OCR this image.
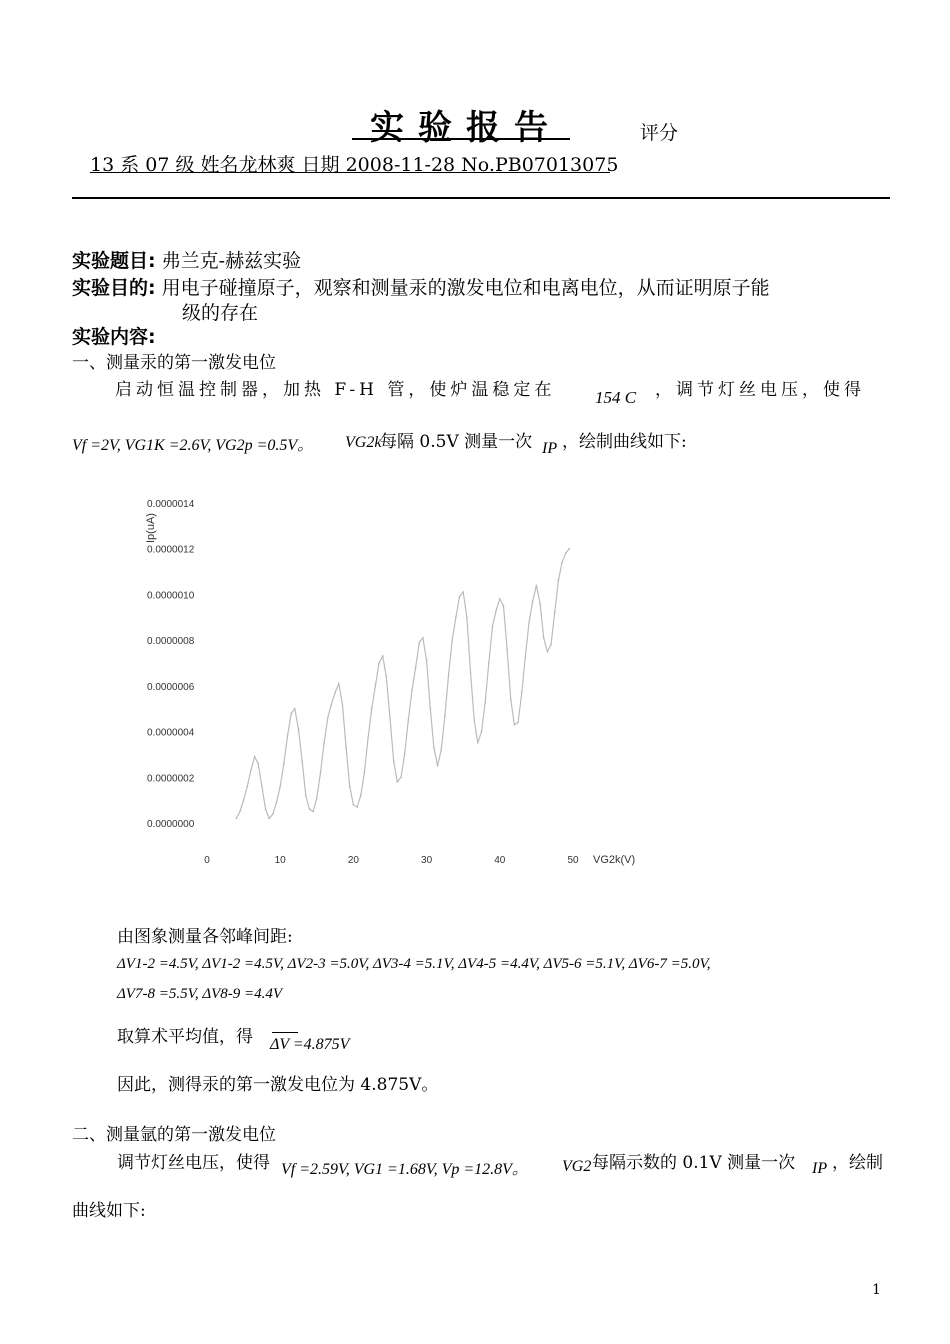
实验报告	评分
13 系 07 级 姓名龙林爽 日期 2008-11-28 No.PB07013075
实验题目: 弗兰克-赫兹实验
实验目的: 用电子碰撞原子，观察和测量汞的激发电位和电离电位，从而证明原子能
级的存在
实验内容:
一、测量汞的第一激发电位
启动恒温控制器，加热 F-H 管，使炉温稳定在 154 C ，调节灯丝电压，使得
Vf =2V, VG1K =2.6V, VG2p =0.5V。 VG2k
每隔 0.5V 测量一次 IP ，绘制曲线如下:
0.0000000
0.0000002
0.0000004
0.0000006
0.0000008
0.0000010
0.0000012
0.0000014
0	10	20	30	40	50 VG2k(V)
Ip(uA)
由图象测量各邻峰间距:
ΔV1-2 =4.5V, ΔV1-2 =4.5V, ΔV2-3 =5.0V, ΔV3-4 =5.1V, ΔV4-5 =4.4V, ΔV5-6 =5.1V, ΔV6-7 =5.0V,
ΔV7-8 =5.5V, ΔV8-9 =4.4V
取算术平均值，得 ΔV =4.875V
因此，测得汞的第一激发电位为 4.875V。
二、测量氩的第一激发电位
调节灯丝电压，使得 Vf =2.59V, VG1 =1.68V, Vp =12.8V。 VG2 每隔示数的 0.1V 测量一次 IP ，绘制
曲线如下:
1
